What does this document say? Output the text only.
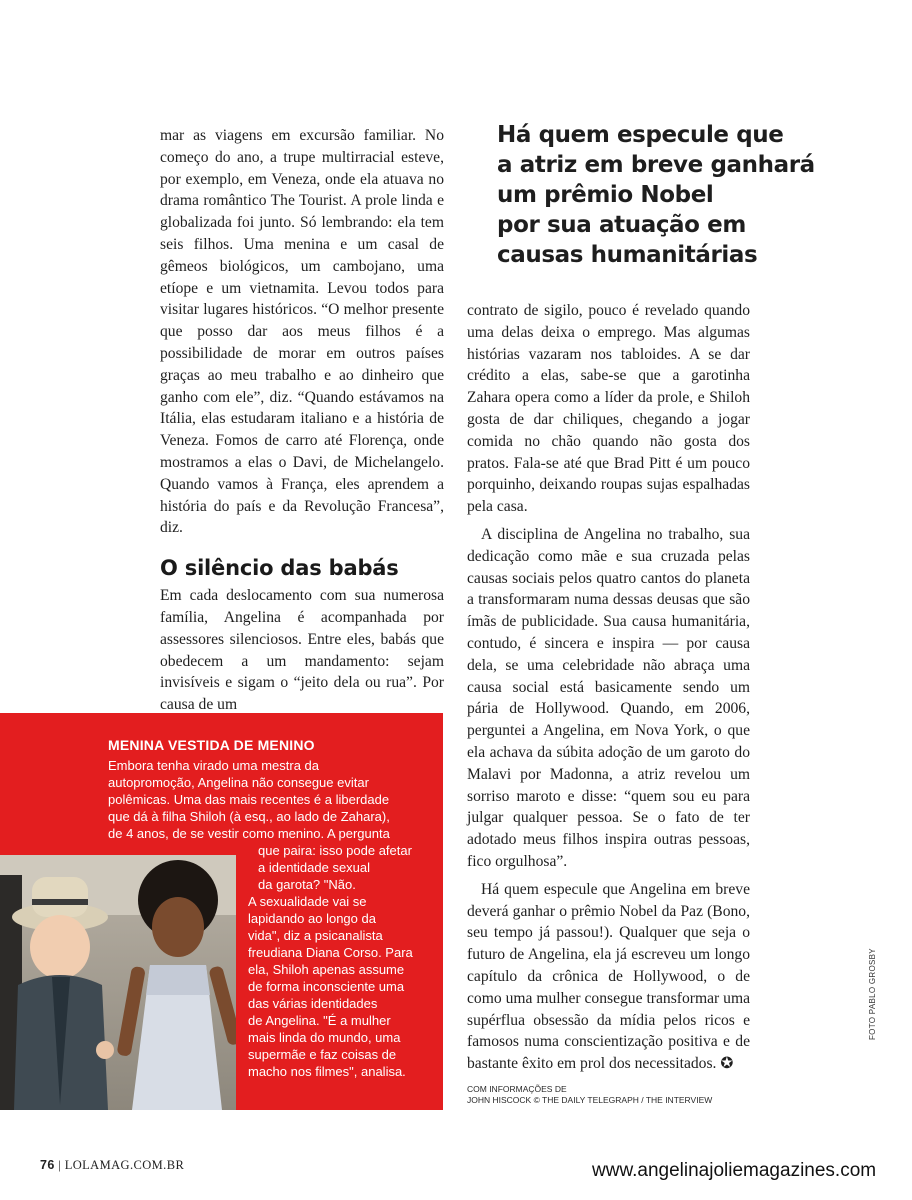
Há quem especule que
a atriz em breve ganhará
um prêmio Nobel
por sua atuação em
causas humanitárias

mar as viagens em excursão familiar. No começo do ano, a trupe multirracial esteve, por exemplo, em Veneza, onde ela atuava no drama romântico The Tourist. A prole linda e globalizada foi junto. Só lembrando: ela tem seis filhos. Uma menina e um casal de gêmeos biológicos, um cambojano, uma etíope e um vietnamita. Levou todos para visitar lugares históricos. “O melhor presente que posso dar aos meus filhos é a possibilidade de morar em outros países graças ao meu trabalho e ao dinheiro que ganho com ele”, diz. “Quando estávamos na Itália, elas estudaram italiano e a história de Veneza. Fomos de carro até Florença, onde mostramos a elas o Davi, de Michelangelo. Quando vamos à França, eles aprendem a história do país e da Revolução Francesa”, diz.

O silêncio das babás

Em cada deslocamento com sua numerosa família, Angelina é acompanhada por assessores silenciosos. Entre eles, babás que obedecem a um mandamento: sejam invisíveis e sigam o “jeito dela ou rua”. Por causa de um

contrato de sigilo, pouco é revelado quando uma delas deixa o emprego. Mas algumas histórias vazaram nos tabloides. A se dar crédito a elas, sabe-se que a garotinha Zahara opera como a líder da prole, e Shiloh gosta de dar chiliques, chegando a jogar comida no chão quando não gosta dos pratos. Fala-se até que Brad Pitt é um pouco porquinho, deixando roupas sujas espalhadas pela casa.

A disciplina de Angelina no trabalho, sua dedicação como mãe e sua cruzada pelas causas sociais pelos quatro cantos do planeta a transformaram numa dessas deusas que são ímãs de publicidade. Sua causa humanitária, contudo, é sincera e inspira — por causa dela, se uma celebridade não abraça uma causa social está basicamente sendo um pária de Hollywood. Quando, em 2006, perguntei a Angelina, em Nova York, o que ela achava da súbita adoção de um garoto do Malavi por Madonna, a atriz revelou um sorriso maroto e disse: “quem sou eu para julgar qualquer pessoa. Se o fato de ter adotado meus filhos inspira outras pessoas, fico orgulhosa”.

Há quem especule que Angelina em breve deverá ganhar o prêmio Nobel da Paz (Bono, seu tempo já passou!). Qualquer que seja o futuro de Angelina, ela já escreveu um longo capítulo da crônica de Hollywood, o de como uma mulher consegue transformar uma supérflua obsessão da mídia pelos ricos e famosos numa conscientização positiva e de bastante êxito em prol dos necessitados. ✪

MENINA VESTIDA DE MENINO
Embora tenha virado uma mestra da
autopromoção, Angelina não consegue evitar
polêmicas. Uma das mais recentes é a liberdade
que dá à filha Shiloh (à esq., ao lado de Zahara),
de 4 anos, de se vestir como menino. A pergunta
que paira: isso pode afetar
a identidade sexual
da garota? "Não.
A sexualidade vai se
lapidando ao longo da
vida", diz a psicanalista
freudiana Diana Corso. Para
ela, Shiloh apenas assume
de forma inconsciente uma
das várias identidades
de Angelina. "É a mulher
mais linda do mundo, uma
supermãe e faz coisas de
macho nos filmes", analisa.
COM INFORMAÇÕES DE
JOHN HISCOCK © THE DAILY TELEGRAPH / THE INTERVIEW
FOTO PABLO GROSBY
76 | LOLAMAG.COM.BR	www.angelinajoliemagazines.com
